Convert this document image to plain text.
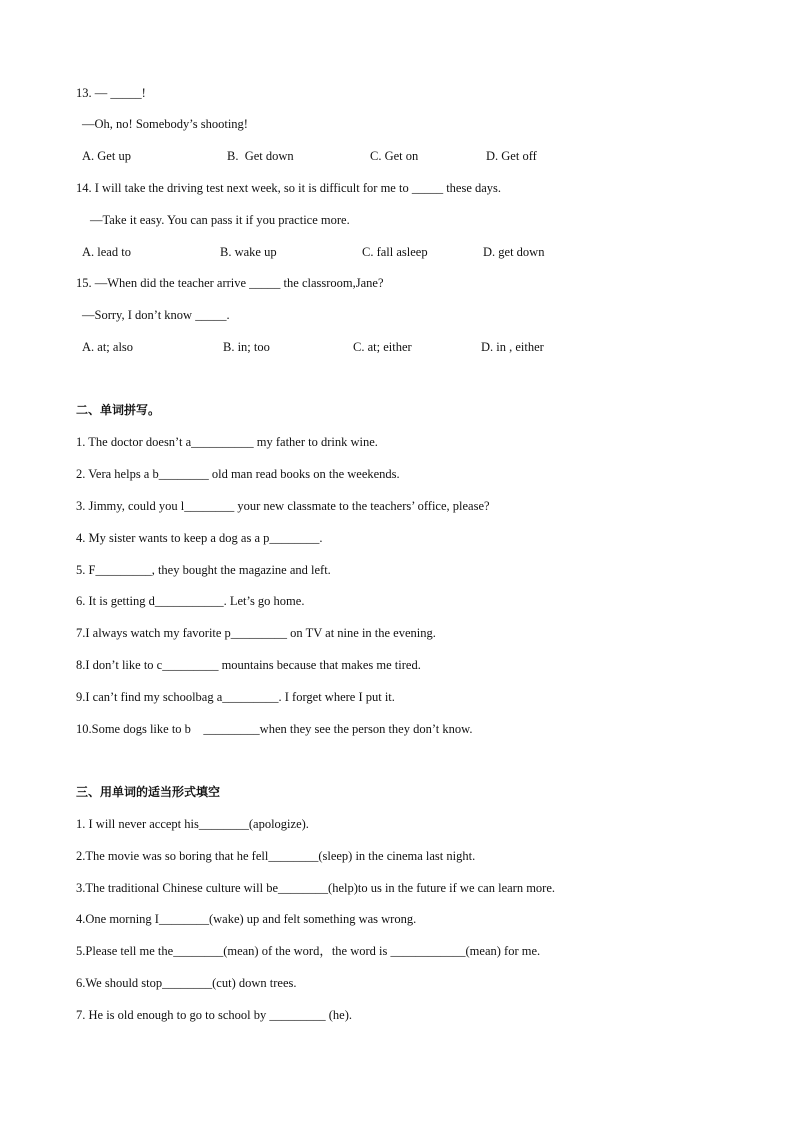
13. — _____!
—Oh, no! Somebody’s shooting!
A. Get up	B.  Get down	C. Get on	D. Get off
14. I will take the driving test next week, so it is difficult for me to _____ these days.
—Take it easy. You can pass it if you practice more.
A. lead to	B. wake up	C. fall asleep	D. get down
15. —When did the teacher arrive _____ the classroom,Jane?
—Sorry, I don’t know _____.
A. at; also	B. in; too	C. at; either	D. in , either
二、单词拼写。
1. The doctor doesn’t a__________ my father to drink wine.
2. Vera helps a b________ old man read books on the weekends.
3. Jimmy, could you l________ your new classmate to the teachers’ office, please?
4. My sister wants to keep a dog as a p________.
5. F_________, they bought the magazine and left.
6. It is getting d___________. Let’s go home.
7.I always watch my favorite p_________ on TV at nine in the evening.
8.I don’t like to c_________ mountains because that makes me tired.
9.I can’t find my schoolbag a_________. I forget where I put it.
10.Some dogs like to b    _________when they see the person they don’t know.
三、用单词的适当形式填空
1. I will never accept his________(apologize).
2.The movie was so boring that he fell________(sleep) in the cinema last night.
3.The traditional Chinese culture will be________(help)to us in the future if we can learn more.
4.One morning I________(wake) up and felt something was wrong.
5.Please tell me the________(mean) of the word，the word is ____________(mean) for me.
6.We should stop________(cut) down trees.
7. He is old enough to go to school by _________ (he).
